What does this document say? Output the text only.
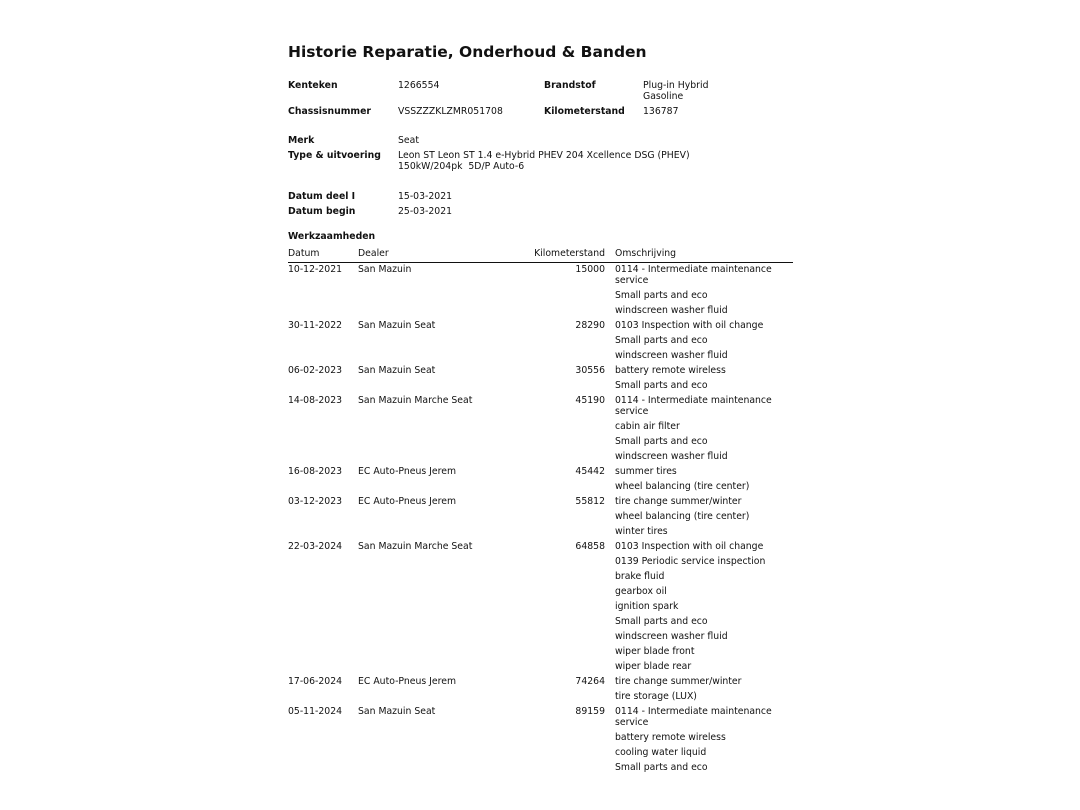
Historie Reparatie, Onderhoud & Banden
Kenteken	1266554	Brandstof	Plug-in Hybrid
Gasoline
Chassisnummer	VSSZZZKLZMR051708	Kilometerstand 136787
Merk	Seat
Type & uitvoering Leon ST Leon ST 1.4 e-Hybrid PHEV 204 Xcellence DSG (PHEV)
150kW/204pk  5D/P Auto-6
Datum deel I	15-03-2021
Datum begin	25-03-2021
Werkzaamheden
Datum	Dealer	Kilometerstand Omschrijving
10-12-2021 San Mazuin	15000 0114 - Intermediate maintenance service
Small parts and eco
windscreen washer fluid
30-11-2022 San Mazuin Seat	28290 0103 Inspection with oil change
Small parts and eco
windscreen washer fluid
06-02-2023 San Mazuin Seat	30556 battery remote wireless
Small parts and eco
14-08-2023 San Mazuin Marche Seat	45190 0114 - Intermediate maintenance service
cabin air filter
Small parts and eco
windscreen washer fluid
16-08-2023 EC Auto-Pneus Jerem	45442 summer tires
wheel balancing (tire center)
03-12-2023 EC Auto-Pneus Jerem	55812 tire change summer/winter
wheel balancing (tire center)
winter tires
22-03-2024 San Mazuin Marche Seat	64858 0103 Inspection with oil change
0139 Periodic service inspection
brake fluid
gearbox oil
ignition spark
Small parts and eco
windscreen washer fluid
wiper blade front
wiper blade rear
17-06-2024 EC Auto-Pneus Jerem	74264 tire change summer/winter
tire storage (LUX)
05-11-2024 San Mazuin Seat	89159 0114 - Intermediate maintenance service
battery remote wireless
cooling water liquid
Small parts and eco
